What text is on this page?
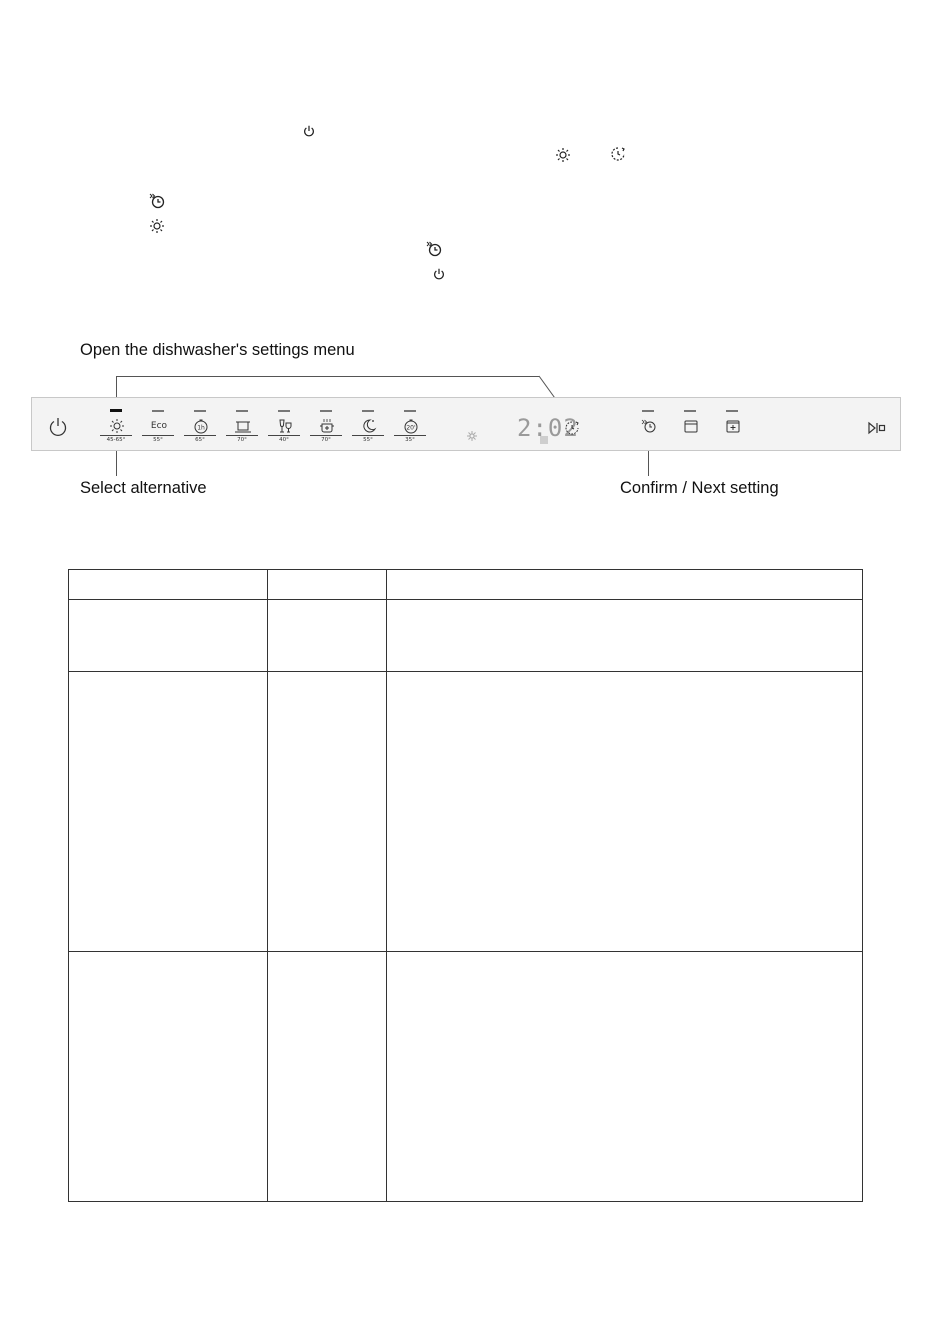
Open the dishwasher's settings menu
Select alternative	Confirm / Next setting
45-65°
Eco
55°
1h
65°	70°	40°	70°	55°
20'
35°	2:02
